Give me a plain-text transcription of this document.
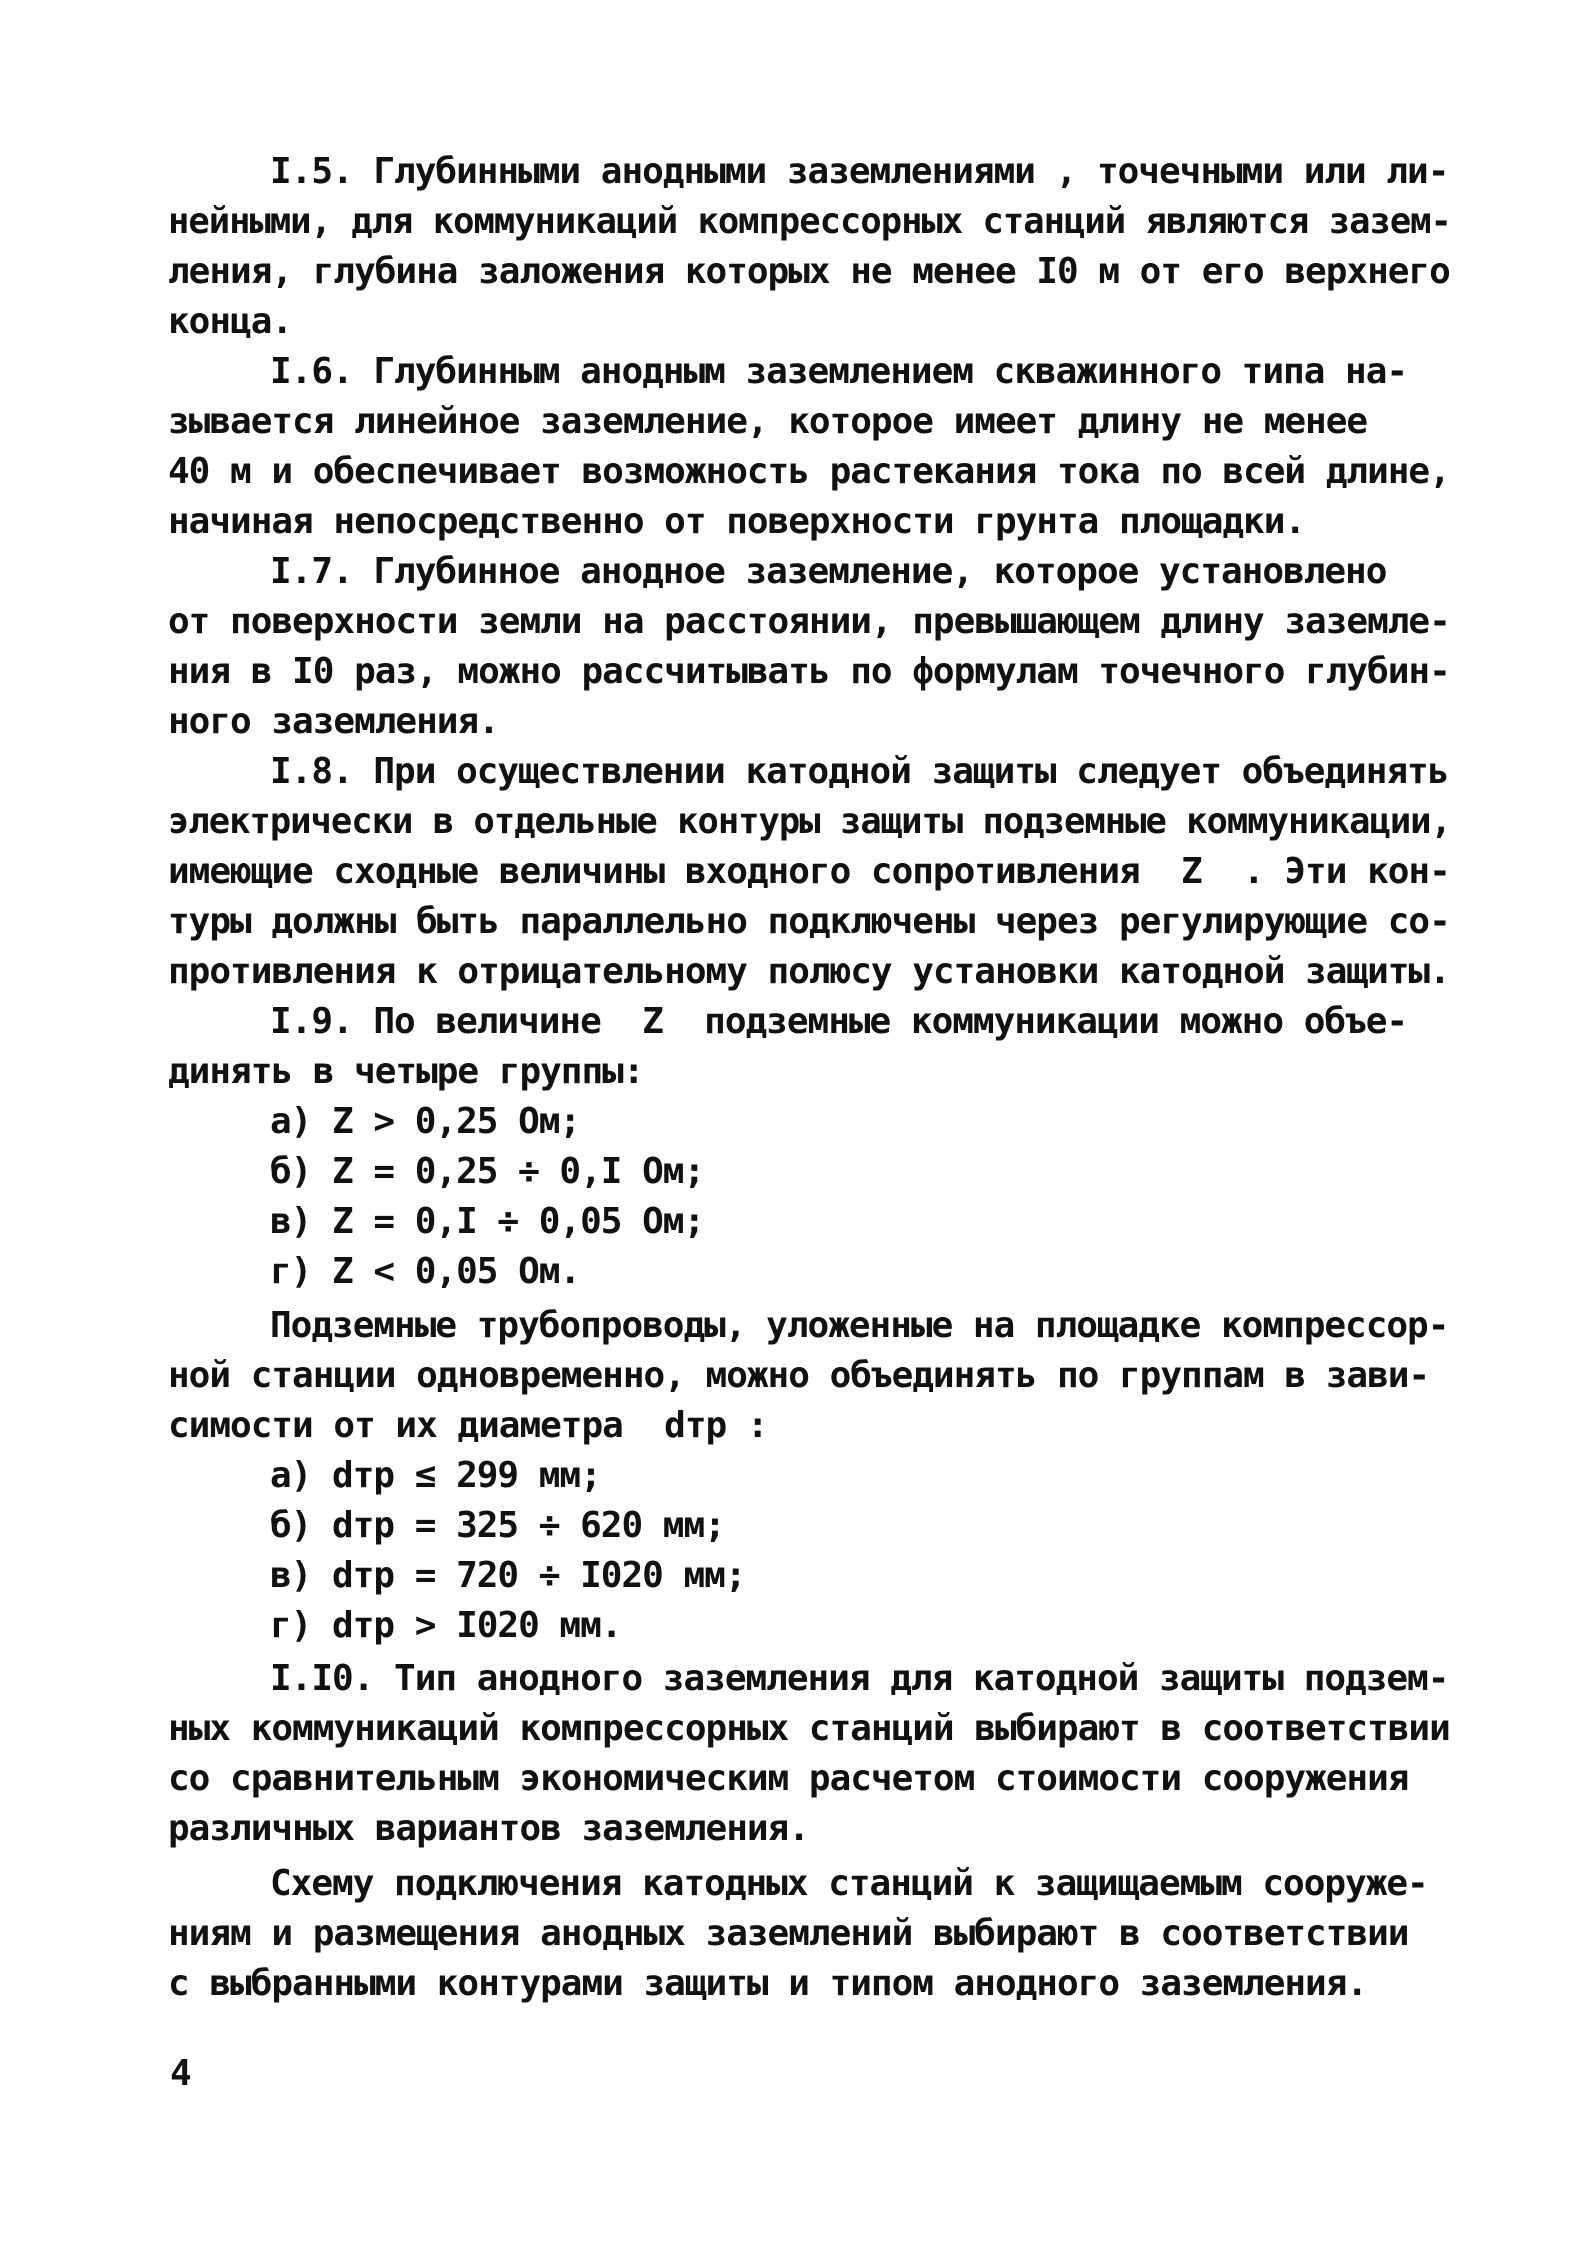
I.5. Глубинными анодными заземлениями , точечными или ли-
нейными, для коммуникаций компрессорных станций являются зазем-
ления, глубина заложения которых не менее I0 м от его верхнего
конца.
I.6. Глубинным анодным заземлением скважинного типа на-
зывается линейное заземление, которое имеет длину не менее
40 м и обеспечивает возможность растекания тока по всей длине,
начиная непосредственно от поверхности грунта площадки.
I.7. Глубинное анодное заземление, которое установлено
от поверхности земли на расстоянии, превышающем длину заземле-
ния в I0 раз, можно рассчитывать по формулам точечного глубин-
ного заземления.
I.8. При осуществлении катодной защиты следует объединять
электрически в отдельные контуры защиты подземные коммуникации,
имеющие сходные величины входного сопротивления  Z  . Эти кон-
туры должны быть параллельно подключены через регулирующие со-
противления к отрицательному полюсу установки катодной защиты.
I.9. По величине  Z  подземные коммуникации можно объе-
динять в четыре группы:
а) Z > 0,25 Ом;
б) Z = 0,25 ÷ 0,I Ом;
в) Z = 0,I ÷ 0,05 Ом;
г) Z < 0,05 Ом.
Подземные трубопроводы, уложенные на площадке компрессор-
ной станции одновременно, можно объединять по группам в зави-
симости от их диаметра  dтр :
а) dтр ≤ 299 мм;
б) dтр = 325 ÷ 620 мм;
в) dтр = 720 ÷ I020 мм;
г) dтр > I020 мм.
I.I0. Тип анодного заземления для катодной защиты подзем-
ных коммуникаций компрессорных станций выбирают в соответствии
со сравнительным экономическим расчетом стоимости сооружения
различных вариантов заземления.
Схему подключения катодных станций к защищаемым сооруже-
ниям и размещения анодных заземлений выбирают в соответствии
с выбранными контурами защиты и типом анодного заземления.
4
